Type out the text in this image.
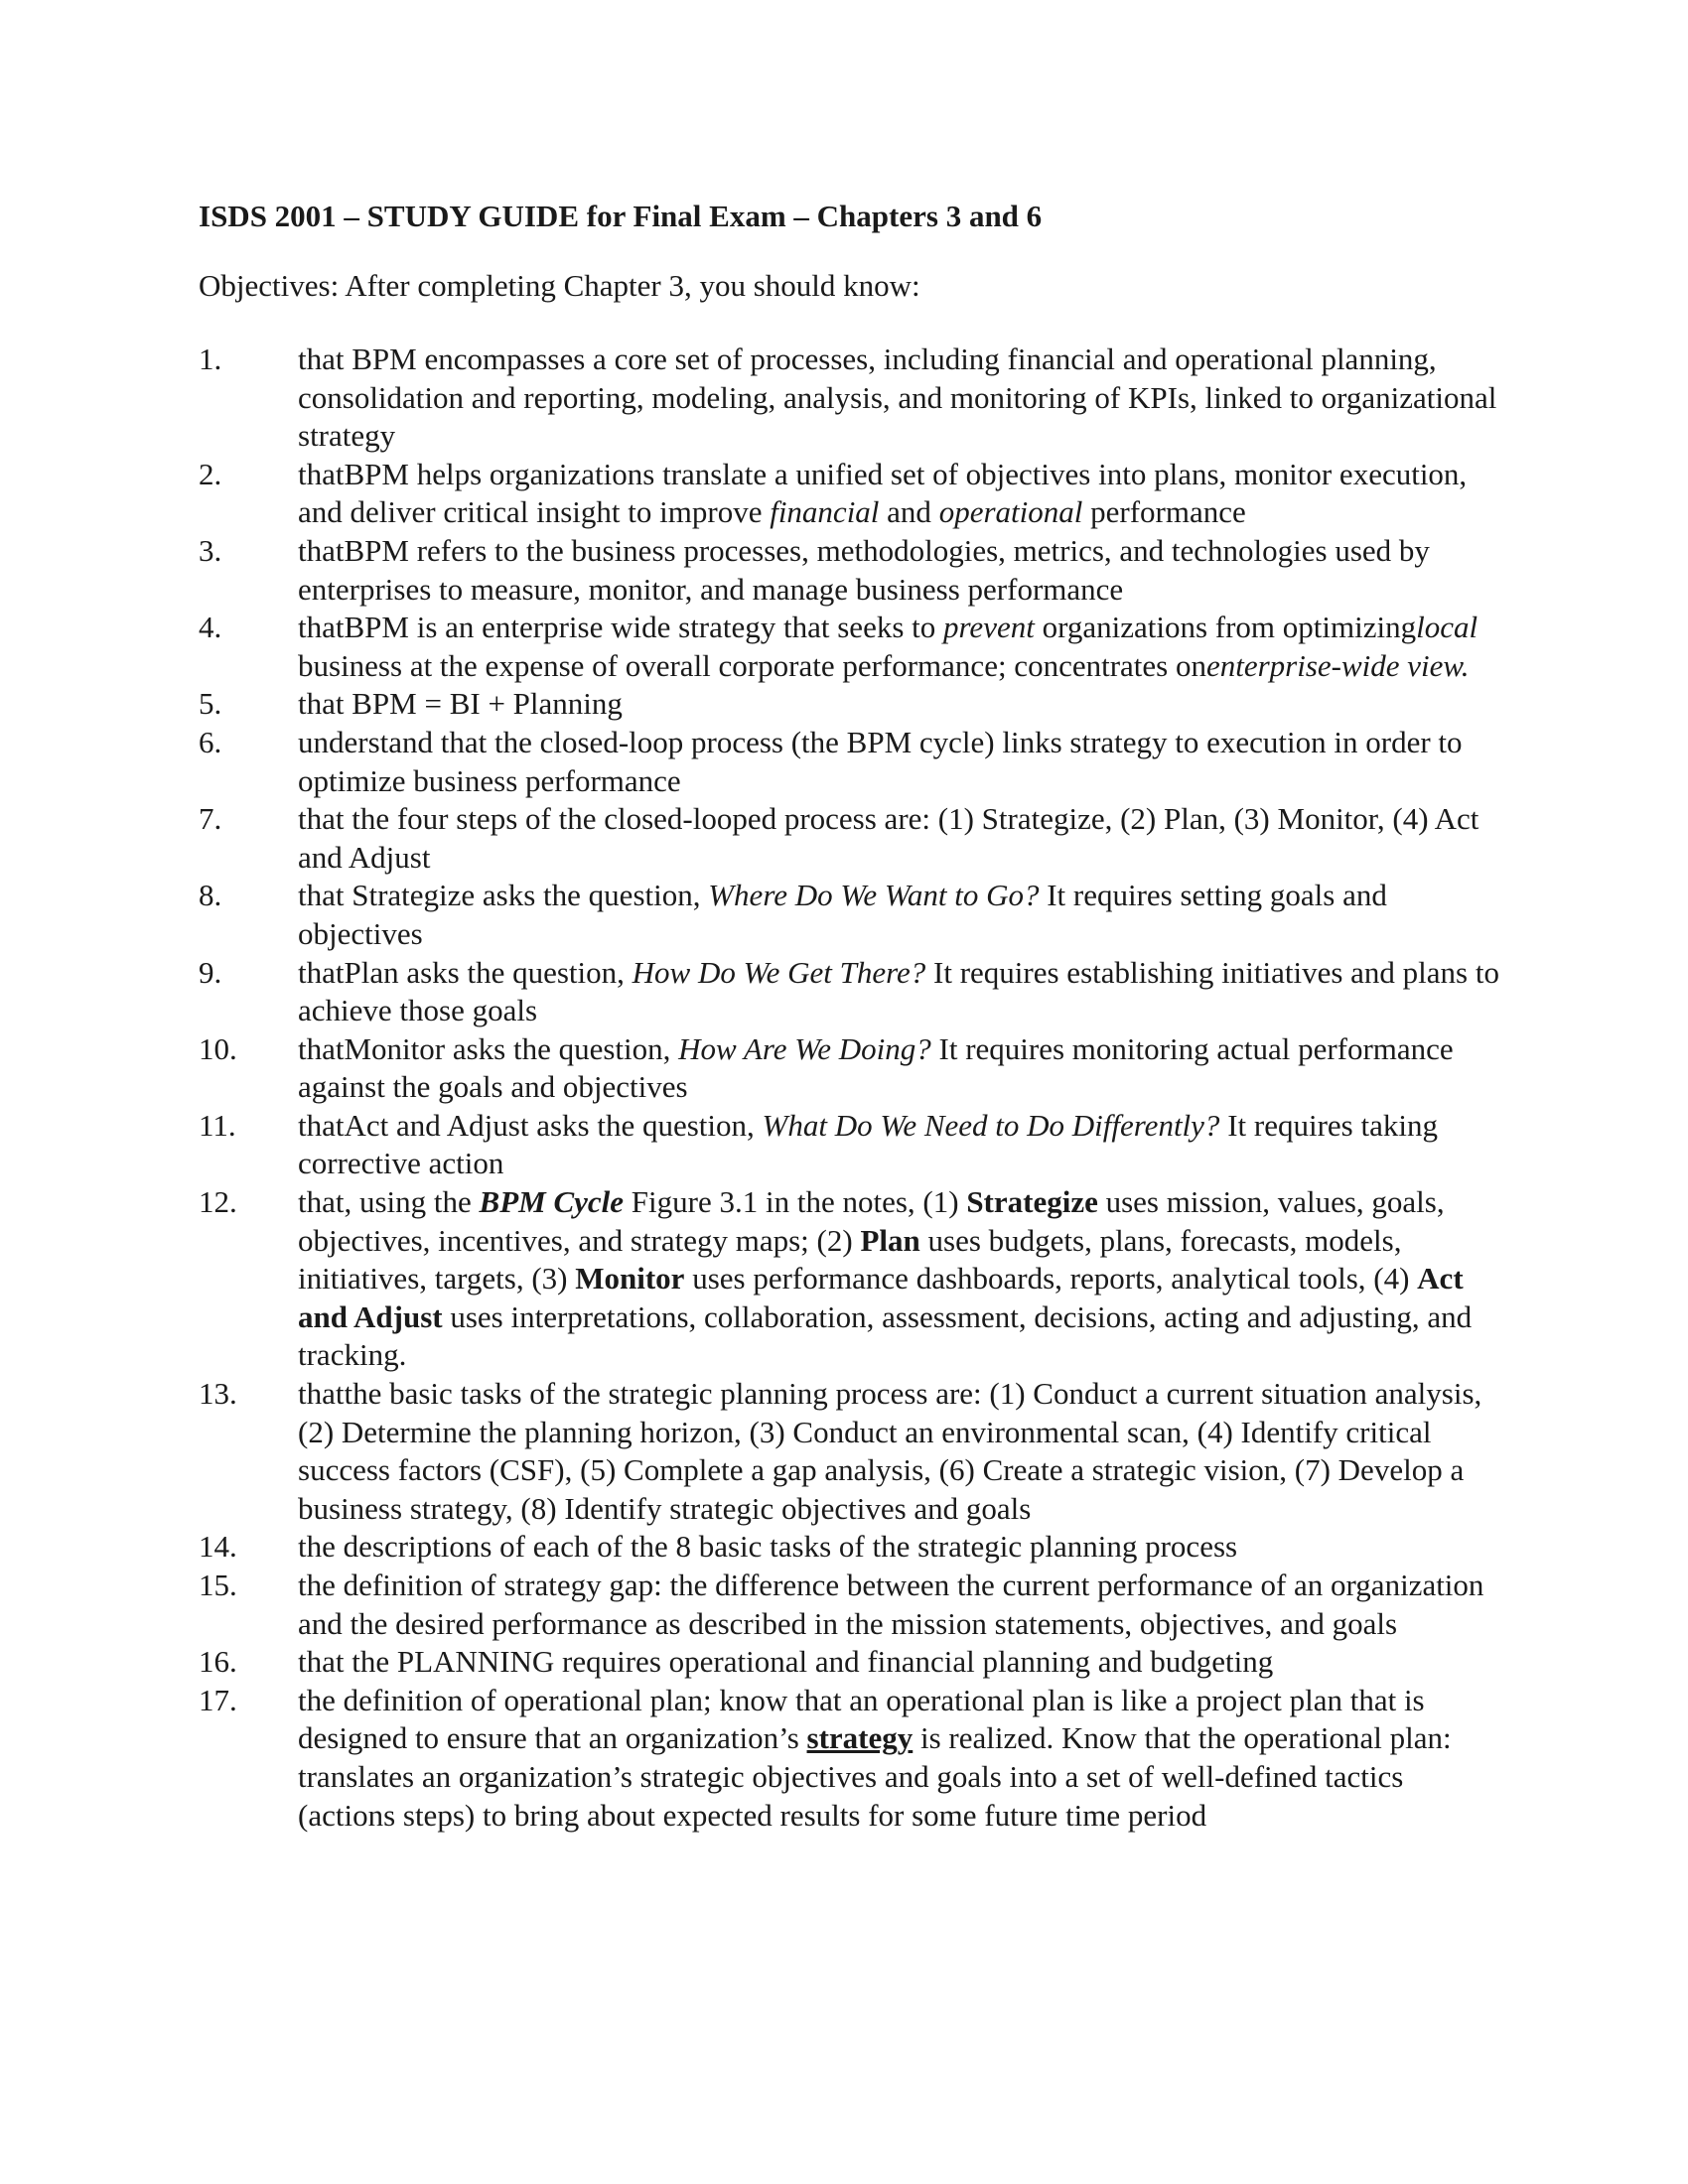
ISDS 2001 – STUDY GUIDE for Final Exam – Chapters 3 and 6
Objectives: After completing Chapter 3, you should know:
1.	that BPM encompasses a core set of processes, including financial and operational planning, consolidation and reporting, modeling, analysis, and monitoring of KPIs, linked to organizational strategy
2.	thatBPM helps organizations translate a unified set of objectives into plans, monitor execution, and deliver critical insight to improve financial and operational performance
3.	thatBPM refers to the business processes, methodologies, metrics, and technologies used by enterprises to measure, monitor, and manage business performance
4.	thatBPM is an enterprise wide strategy that seeks to prevent organizations from optimizinglocal business at the expense of overall corporate performance; concentrates onenterprise-wide view.
5.	that BPM = BI + Planning
6.	understand that the closed-loop process (the BPM cycle) links strategy to execution in order to optimize business performance
7.	that the four steps of the closed-looped process are: (1) Strategize, (2) Plan, (3) Monitor, (4) Act and Adjust
8.	that Strategize asks the question, Where Do We Want to Go? It requires setting goals and objectives
9.	thatPlan asks the question, How Do We Get There? It requires establishing initiatives and plans to achieve those goals
10.	thatMonitor asks the question, How Are We Doing? It requires monitoring actual performance against the goals and objectives
11.	thatAct and Adjust asks the question, What Do We Need to Do Differently? It requires taking corrective action
12.	that, using the BPM Cycle Figure 3.1 in the notes, (1) Strategize uses mission, values, goals, objectives, incentives, and strategy maps; (2) Plan uses budgets, plans, forecasts, models, initiatives, targets, (3) Monitor uses performance dashboards, reports, analytical tools, (4) Act and Adjust uses interpretations, collaboration, assessment, decisions, acting and adjusting, and tracking.
13.	thatthe basic tasks of the strategic planning process are: (1) Conduct a current situation analysis, (2) Determine the planning horizon, (3) Conduct an environmental scan, (4) Identify critical success factors (CSF), (5) Complete a gap analysis, (6) Create a strategic vision, (7) Develop a business strategy, (8) Identify strategic objectives and goals
14.	the descriptions of each of the 8 basic tasks of the strategic planning process
15.	the definition of strategy gap: the difference between the current performance of an organization and the desired performance as described in the mission statements, objectives, and goals
16.	that the PLANNING requires operational and financial planning and budgeting
17.	the definition of operational plan; know that an operational plan is like a project plan that is designed to ensure that an organization’s strategy is realized. Know that the operational plan: translates an organization’s strategic objectives and goals into a set of well-defined tactics (actions steps) to bring about expected results for some future time period
